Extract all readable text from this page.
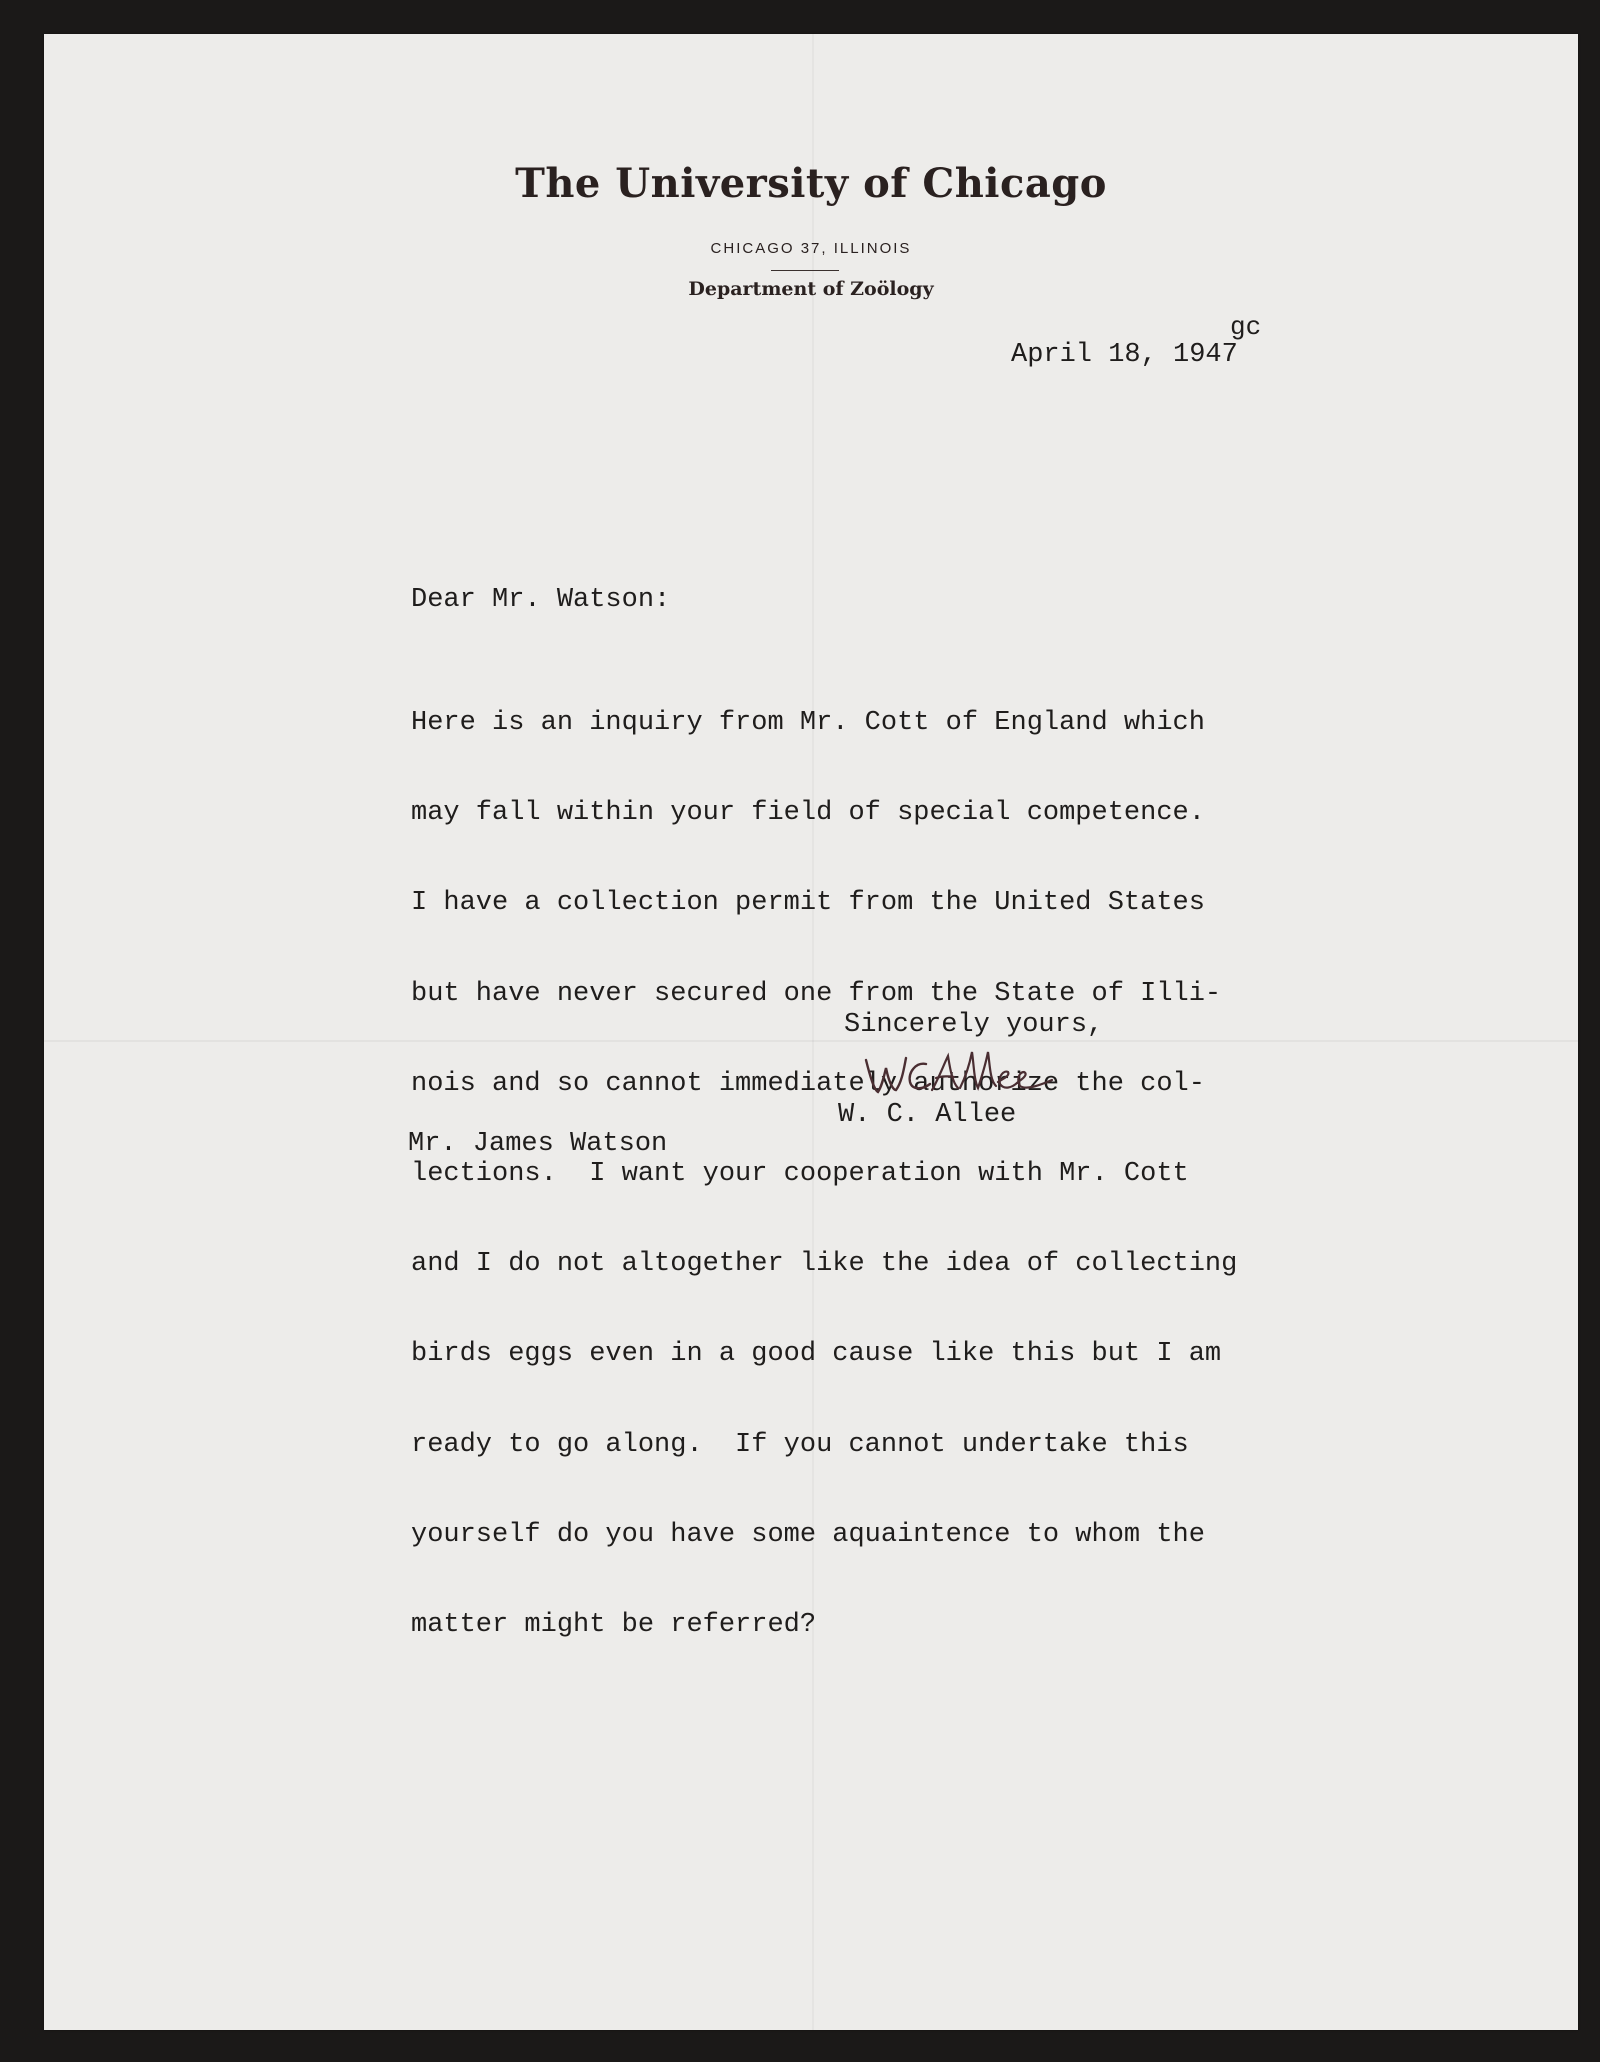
The University of Chicago
CHICAGO 37, ILLINOIS
Department of Zoölogy
gc
April 18, 1947
Dear Mr. Watson:

Here is an inquiry from Mr. Cott of England which

may fall within your field of special competence.

I have a collection permit from the United States

but have never secured one from the State of Illi-

nois and so cannot immediately authorize the col-

lections.  I want your cooperation with Mr. Cott

and I do not altogether like the idea of collecting

birds eggs even in a good cause like this but I am

ready to go along.  If you cannot undertake this

yourself do you have some aquaintence to whom the

matter might be referred?

Sincerely yours,
W. C. Allee
Mr. James Watson
